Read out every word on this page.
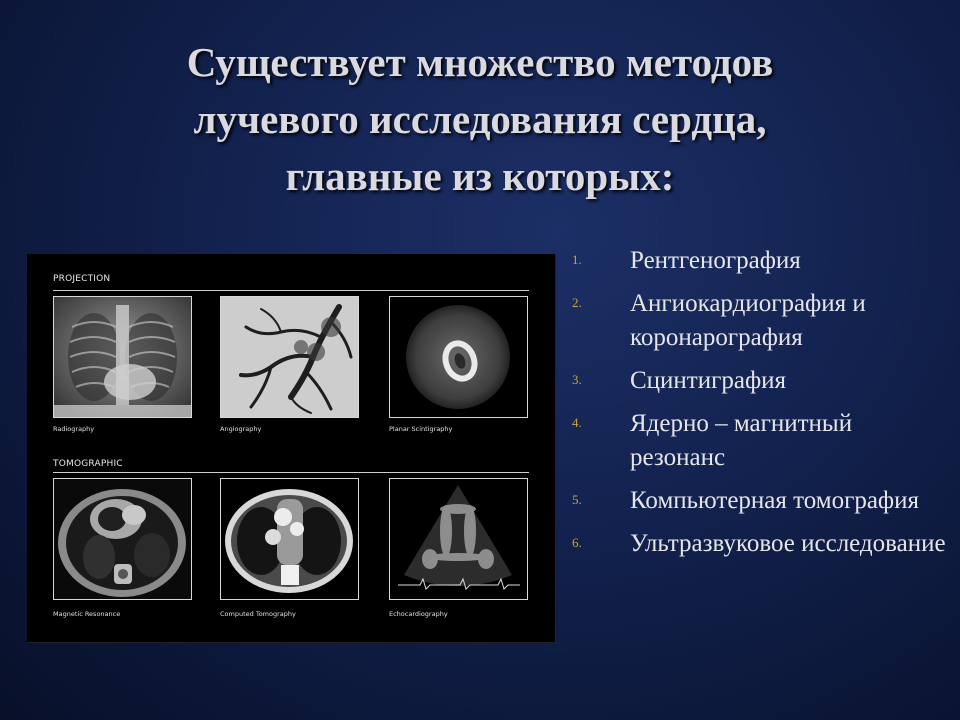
Существует множество методов
лучевого исследования сердца,
главные из которых:
PROJECTION
Radiography	Angiography	Planar Scintigraphy
TOMOGRAPHIC
Magnetic Resonance	Computed Tomography	Echocardiography
1. Рентгенография
2. Ангиокардиография и коронарография
3. Сцинтиграфия
4. Ядерно – магнитный резонанс
5. Компьютерная томография
6. Ультразвуковое исследование
